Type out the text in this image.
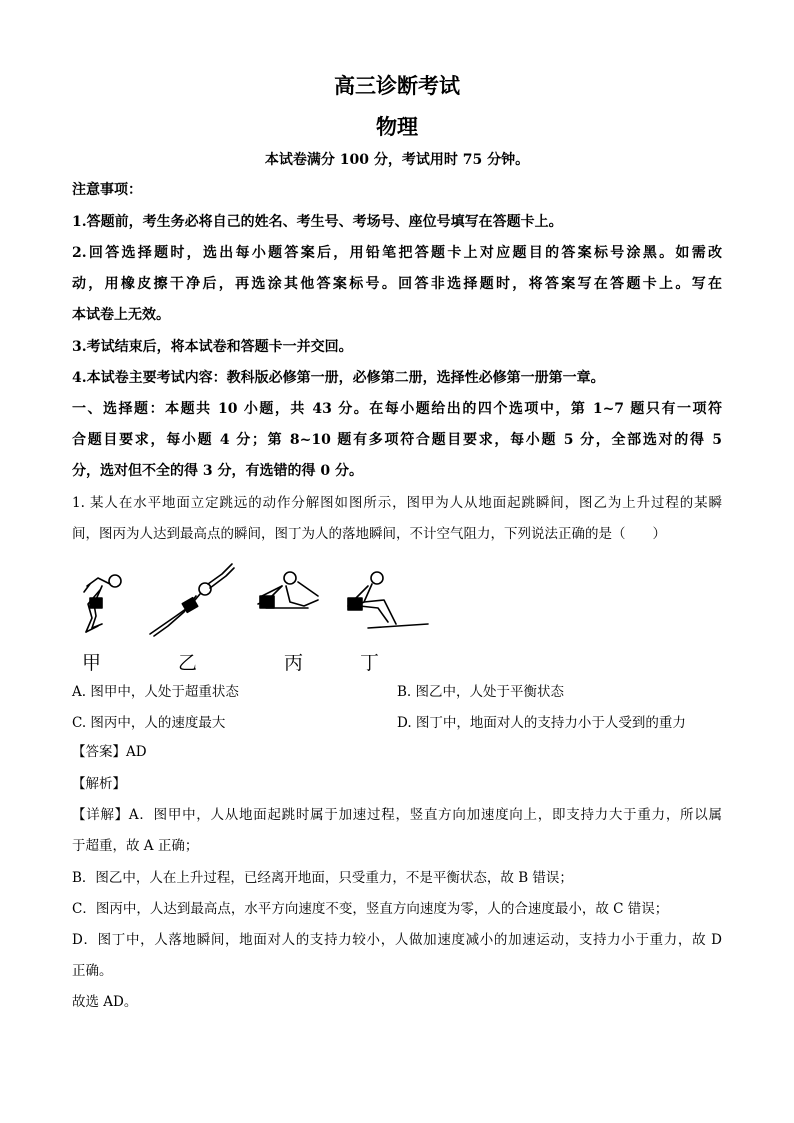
高三诊断考试
物理
本试卷满分 100 分，考试用时 75 分钟。
注意事项：
1.答题前，考生务必将自己的姓名、考生号、考场号、座位号填写在答题卡上。
2.回答选择题时，选出每小题答案后，用铅笔把答题卡上对应题目的答案标号涂黑。如需改
动，用橡皮擦干净后，再选涂其他答案标号。回答非选择题时，将答案写在答题卡上。写在
本试卷上无效。
3.考试结束后，将本试卷和答题卡一并交回。
4.本试卷主要考试内容：教科版必修第一册，必修第二册，选择性必修第一册第一章。
一、选择题：本题共 10 小题，共 43 分。在每小题给出的四个选项中，第 1~7 题只有一项符
合题目要求，每小题 4 分；第 8~10 题有多项符合题目要求，每小题 5 分，全部选对的得 5
分，选对但不全的得 3 分，有选错的得 0 分。
1. 某人在水平地面立定跳远的动作分解图如图所示，图甲为人从地面起跳瞬间，图乙为上升过程的某瞬
间，图丙为人达到最高点的瞬间，图丁为人的落地瞬间，不计空气阻力，下列说法正确的是（　　）
甲	乙	丙	丁
A. 图甲中，人处于超重状态	B. 图乙中，人处于平衡状态
C. 图丙中，人的速度最大	D. 图丁中，地面对人的支持力小于人受到的重力
【答案】AD
【解析】
【详解】A．图甲中，人从地面起跳时属于加速过程，竖直方向加速度向上，即支持力大于重力，所以属
于超重，故 A 正确；
B．图乙中，人在上升过程，已经离开地面，只受重力，不是平衡状态，故 B 错误；
C．图丙中，人达到最高点，水平方向速度不变，竖直方向速度为零，人的合速度最小，故 C 错误；
D．图丁中，人落地瞬间，地面对人的支持力较小，人做加速度减小的加速运动，支持力小于重力，故 D
正确。
故选 AD。
